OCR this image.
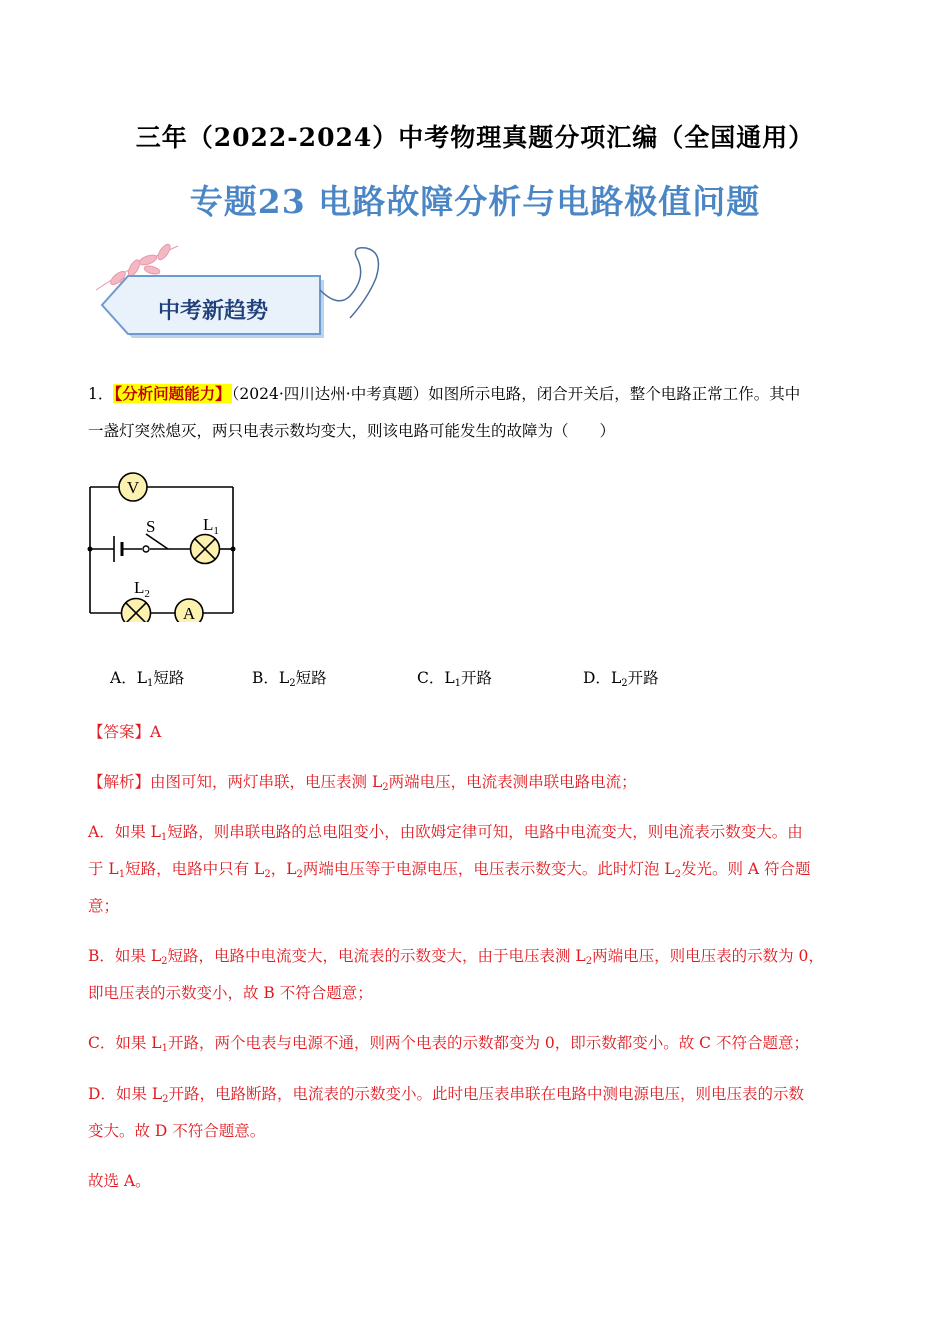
三年（2022-2024）中考物理真题分项汇编（全国通用）
专题23 电路故障分析与电路极值问题
中考新趋势
1．【分析问题能力】（2024·四川达州·中考真题）如图所示电路，闭合开关后，整个电路正常工作。其中
一盏灯突然熄灭，两只电表示数均变大，则该电路可能发生的故障为（　　）
S
V
$L_1$
$L_2$
A
A．$L_1$短路	B．$L_2$短路	C．$L_1$开路	D．$L_2$开路
【答案】A
【解析】由图可知，两灯串联，电压表测 $L_2$两端电压，电流表测串联电路电流；
A．如果 $L_1$短路，则串联电路的总电阻变小，由欧姆定律可知，电路中电流变大，则电流表示数变大。由
于 $L_1$短路，电路中只有 $L_2$，$L_2$两端电压等于电源电压，电压表示数变大。此时灯泡 $L_2$发光。则 A 符合题
意；
B．如果 $L_2$短路，电路中电流变大，电流表的示数变大，由于电压表测 $L_2$两端电压，则电压表的示数为 0，
即电压表的示数变小，故 B 不符合题意；
C．如果 $L_1$开路，两个电表与电源不通，则两个电表的示数都变为 0，即示数都变小。故 C 不符合题意；
D．如果 $L_2$开路，电路断路，电流表的示数变小。此时电压表串联在电路中测电源电压，则电压表的示数
变大。故 D 不符合题意。
故选 A。
